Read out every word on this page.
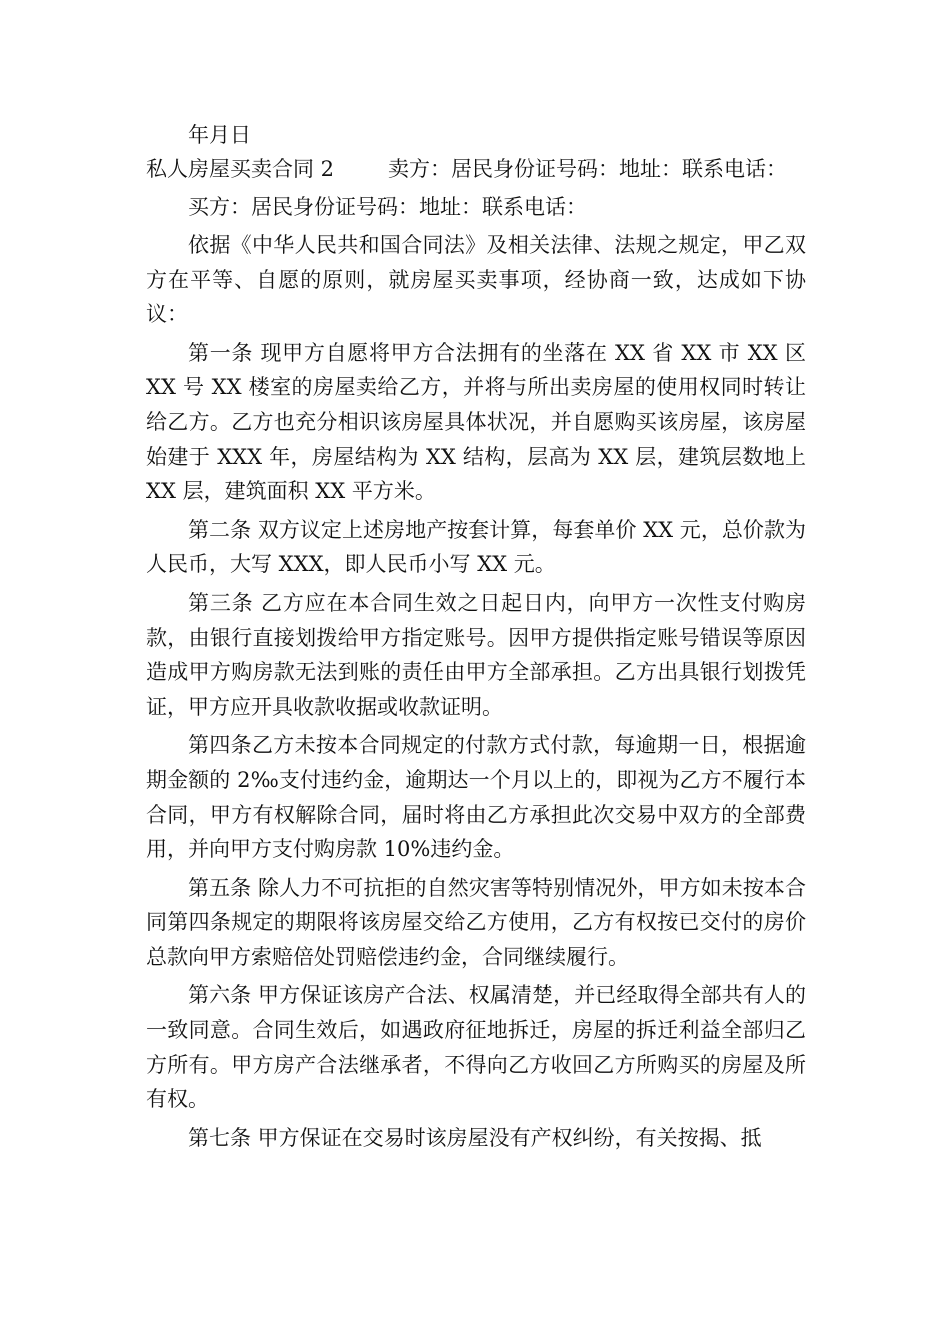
年月日
私人房屋买卖合同 2	卖方：居民身份证号码：地址：联系电话：
买方：居民身份证号码：地址：联系电话：

依据《中华人民共和国合同法》及相关法律、法规之规定，甲乙双方在平等、自愿的原则，就房屋买卖事项，经协商一致，达成如下协议：

第一条 现甲方自愿将甲方合法拥有的坐落在 XX 省 XX 市 XX 区 XX 号 XX 楼室的房屋卖给乙方，并将与所出卖房屋的使用权同时转让给乙方。乙方也充分相识该房屋具体状况，并自愿购买该房屋，该房屋始建于 XXX 年，房屋结构为 XX 结构，层高为 XX 层，建筑层数地上 XX 层，建筑面积 XX 平方米。

第二条 双方议定上述房地产按套计算，每套单价 XX 元，总价款为人民币，大写 XXX，即人民币小写 XX 元。

第三条 乙方应在本合同生效之日起日内，向甲方一次性支付购房款，由银行直接划拨给甲方指定账号。因甲方提供指定账号错误等原因造成甲方购房款无法到账的责任由甲方全部承担。乙方出具银行划拨凭证，甲方应开具收款收据或收款证明。

第四条乙方未按本合同规定的付款方式付款，每逾期一日，根据逾期金额的 2‰支付违约金，逾期达一个月以上的，即视为乙方不履行本合同，甲方有权解除合同，届时将由乙方承担此次交易中双方的全部费用，并向甲方支付购房款 10%违约金。

第五条 除人力不可抗拒的自然灾害等特别情况外，甲方如未按本合同第四条规定的期限将该房屋交给乙方使用，乙方有权按已交付的房价总款向甲方索赔倍处罚赔偿违约金，合同继续履行。

第六条 甲方保证该房产合法、权属清楚，并已经取得全部共有人的一致同意。合同生效后，如遇政府征地拆迁，房屋的拆迁利益全部归乙方所有。甲方房产合法继承者，不得向乙方收回乙方所购买的房屋及所有权。

第七条 甲方保证在交易时该房屋没有产权纠纷，有关按揭、抵
